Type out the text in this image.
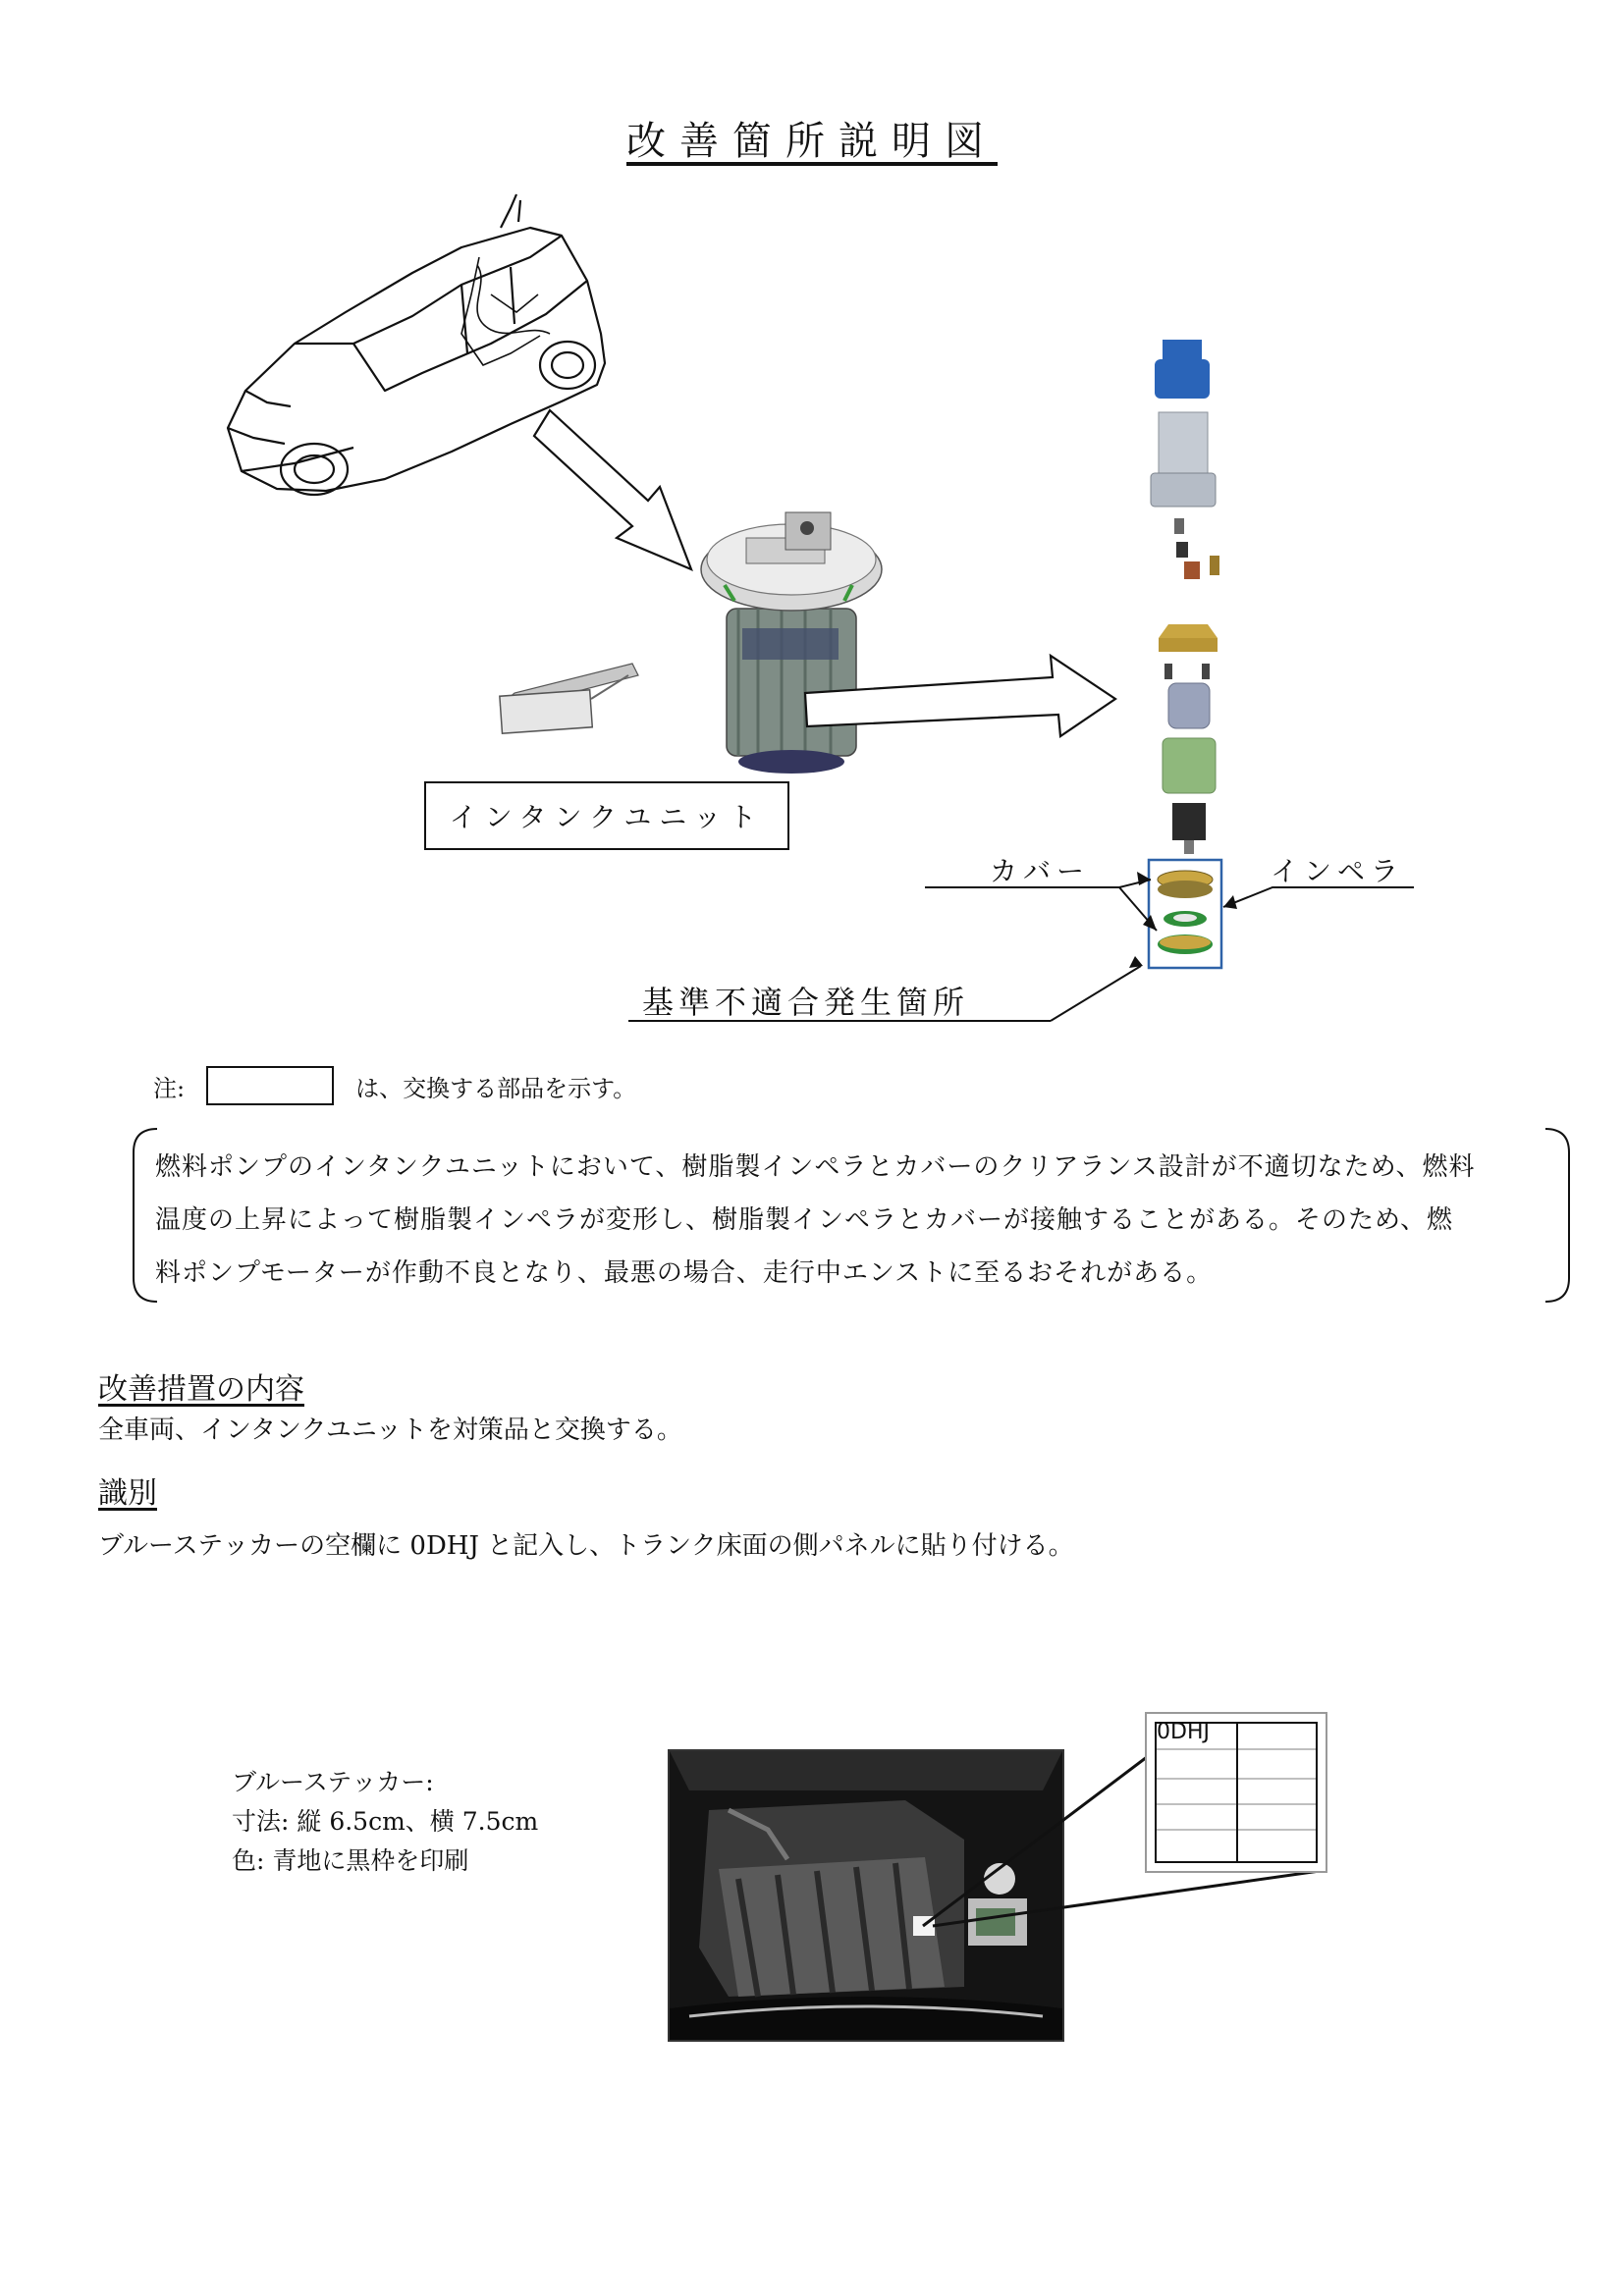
改善箇所説明図
インタンクユニット
カバー	インペラ
基準不適合発生箇所
注:	は、交換する部品を示す。
燃料ポンプのインタンクユニットにおいて、樹脂製インペラとカバーのクリアランス設計が不適切なため、燃料
温度の上昇によって樹脂製インペラが変形し、樹脂製インペラとカバーが接触することがある。そのため、燃
料ポンプモーターが作動不良となり、最悪の場合、走行中エンストに至るおそれがある。
改善措置の内容
全車両、インタンクユニットを対策品と交換する。
識別
ブルーステッカーの空欄に 0DHJ と記入し、トランク床面の側パネルに貼り付ける。
ブルーステッカー:
寸法: 縦 6.5cm、横 7.5cm
色: 青地に黒枠を印刷
0DHJ
